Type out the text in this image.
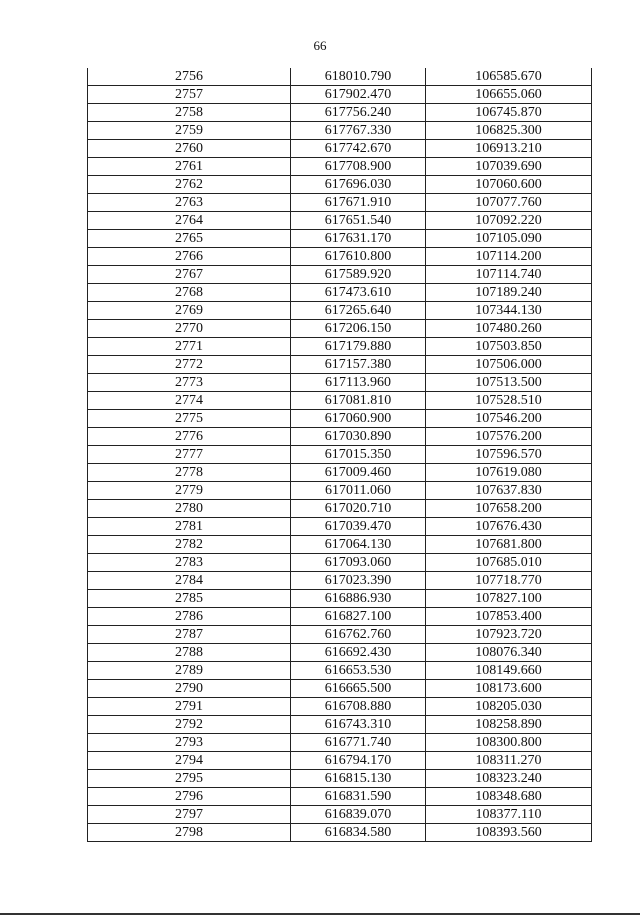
66
2756	618010.790	106585.670
2757	617902.470	106655.060
2758	617756.240	106745.870
2759	617767.330	106825.300
2760	617742.670	106913.210
2761	617708.900	107039.690
2762	617696.030	107060.600
2763	617671.910	107077.760
2764	617651.540	107092.220
2765	617631.170	107105.090
2766	617610.800	107114.200
2767	617589.920	107114.740
2768	617473.610	107189.240
2769	617265.640	107344.130
2770	617206.150	107480.260
2771	617179.880	107503.850
2772	617157.380	107506.000
2773	617113.960	107513.500
2774	617081.810	107528.510
2775	617060.900	107546.200
2776	617030.890	107576.200
2777	617015.350	107596.570
2778	617009.460	107619.080
2779	617011.060	107637.830
2780	617020.710	107658.200
2781	617039.470	107676.430
2782	617064.130	107681.800
2783	617093.060	107685.010
2784	617023.390	107718.770
2785	616886.930	107827.100
2786	616827.100	107853.400
2787	616762.760	107923.720
2788	616692.430	108076.340
2789	616653.530	108149.660
2790	616665.500	108173.600
2791	616708.880	108205.030
2792	616743.310	108258.890
2793	616771.740	108300.800
2794	616794.170	108311.270
2795	616815.130	108323.240
2796	616831.590	108348.680
2797	616839.070	108377.110
2798	616834.580	108393.560
